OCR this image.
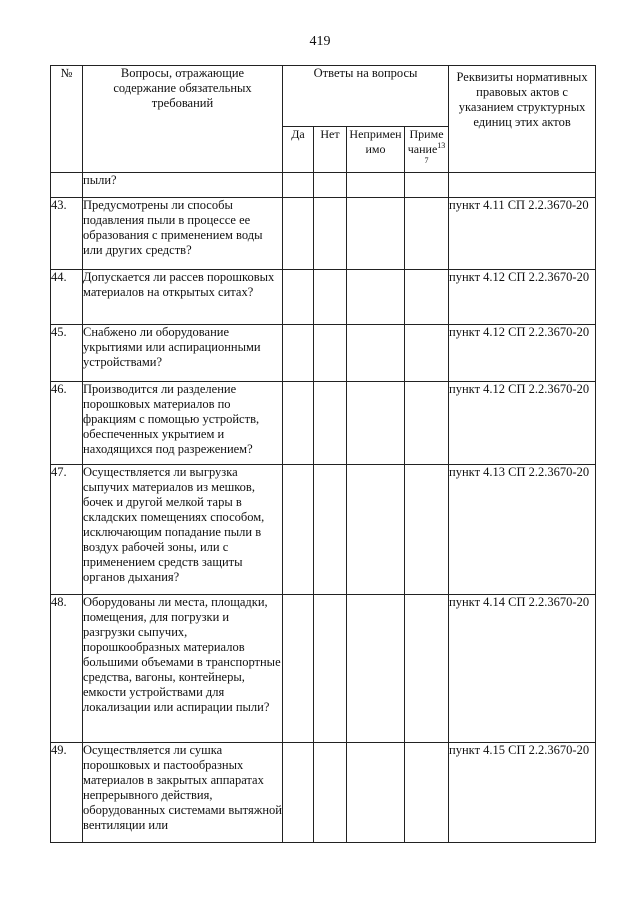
419
№	Вопросы, отражающие содержание обязательных требований	Ответы на вопросы				Реквизиты нормативных правовых актов с указанием структурных единиц этих актов
		Да	Нет	Неприменимо	Примечание$^{137}$
	пыли?					
43.	Предусмотрены ли способы подавления пыли в процессе ее образования с применением воды или других средств?					пункт 4.11 СП 2.2.3670-20
44.	Допускается ли рассев порошковых материалов на открытых ситах?					пункт 4.12 СП 2.2.3670-20
45.	Снабжено ли оборудование укрытиями или аспирационными устройствами?					пункт 4.12 СП 2.2.3670-20
46.	Производится ли разделение порошковых материалов по фракциям с помощью устройств, обеспеченных укрытием и находящихся под разрежением?					пункт 4.12 СП 2.2.3670-20
47.	Осуществляется ли выгрузка сыпучих материалов из мешков, бочек и другой мелкой тары в складских помещениях способом, исключающим попадание пыли в воздух рабочей зоны, или с применением средств защиты органов дыхания?					пункт 4.13 СП 2.2.3670-20
48.	Оборудованы ли места, площадки, помещения, для погрузки и разгрузки сыпучих, порошкообразных материалов большими объемами в транспортные средства, вагоны, контейнеры, емкости устройствами для локализации или аспирации пыли?					пункт 4.14 СП 2.2.3670-20
49.	Осуществляется ли сушка порошковых и пастообразных материалов в закрытых аппаратах непрерывного действия, оборудованных системами вытяжной вентиляции или					пункт 4.15 СП 2.2.3670-20
